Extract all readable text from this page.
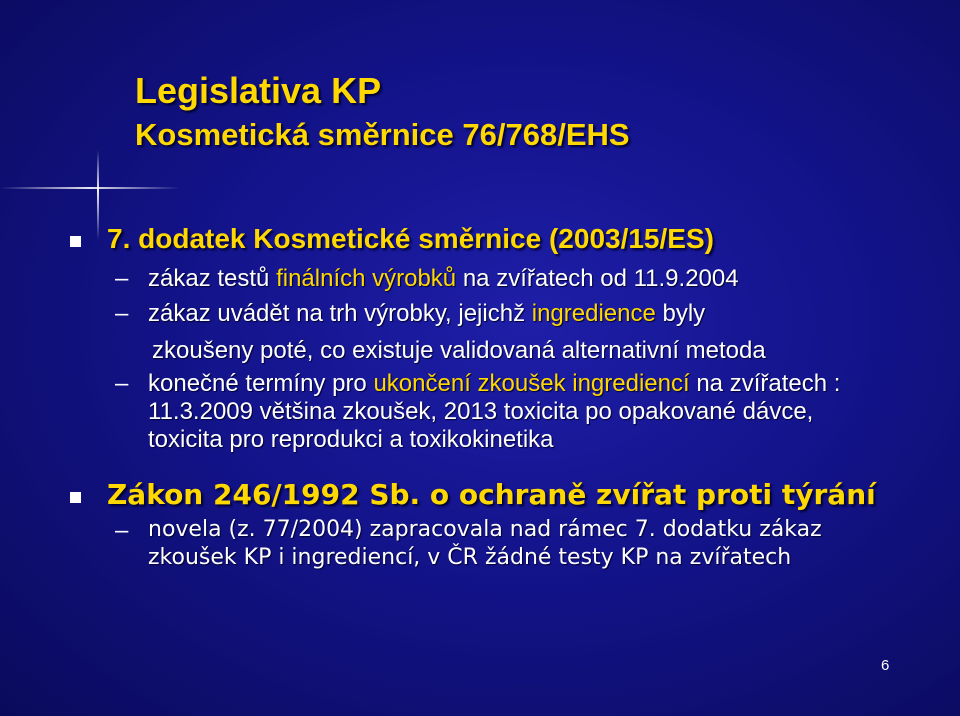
Legislativa KP
Kosmetická směrnice 76/768/EHS
7. dodatek Kosmetické směrnice (2003/15/ES)
– zákaz testů finálních výrobků na zvířatech od 11.9.2004
– zákaz uvádět na trh výrobky, jejichž ingredience byly
zkoušeny poté, co existuje validovaná alternativní metoda
– konečné termíny pro ukončení zkoušek ingrediencí na zvířatech :
11.3.2009 většina zkoušek, 2013 toxicita po opakované dávce,
toxicita pro reprodukci a toxikokinetika
Zákon 246/1992 Sb. o ochraně zvířat proti týrání
– novela (z. 77/2004) zapracovala nad rámec 7. dodatku zákaz
zkoušek KP i ingrediencí, v ČR žádné testy KP na zvířatech
6
